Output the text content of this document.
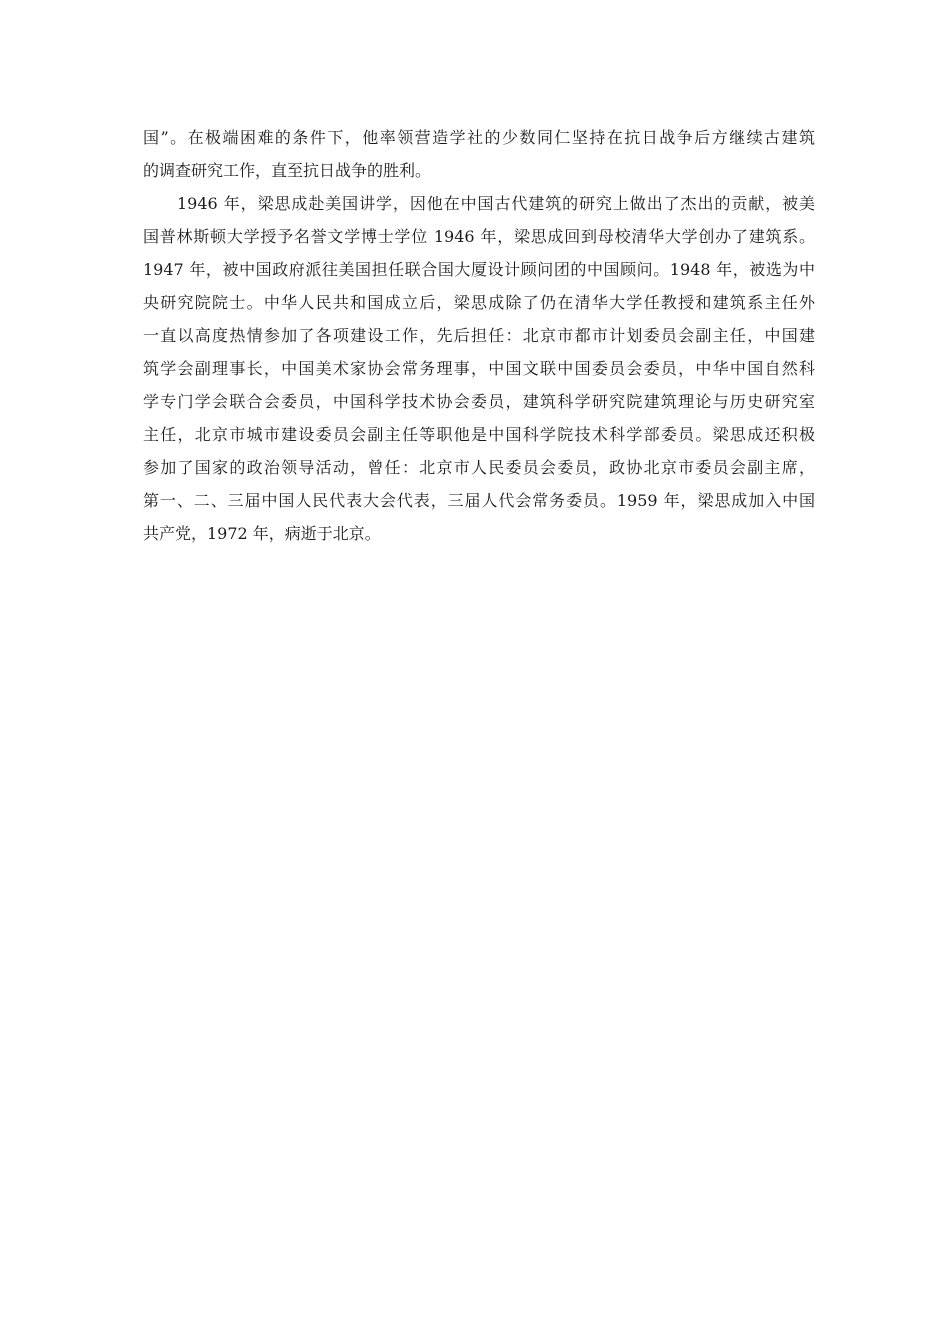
国”。在极端困难的条件下，他率领营造学社的少数同仁坚持在抗日战争后方继续古建筑
的调查研究工作，直至抗日战争的胜利。
1946 年，梁思成赴美国讲学，因他在中国古代建筑的研究上做出了杰出的贡献，被美
国普林斯顿大学授予名誉文学博士学位 1946 年，梁思成回到母校清华大学创办了建筑系。
1947 年，被中国政府派往美国担任联合国大厦设计顾问团的中国顾问。1948 年，被选为中
央研究院院士。中华人民共和国成立后，梁思成除了仍在清华大学任教授和建筑系主任外
一直以高度热情参加了各项建设工作，先后担任：北京市都市计划委员会副主任，中国建
筑学会副理事长，中国美术家协会常务理事，中国文联中国委员会委员，中华中国自然科
学专门学会联合会委员，中国科学技术协会委员，建筑科学研究院建筑理论与历史研究室
主任，北京市城市建设委员会副主任等职他是中国科学院技术科学部委员。梁思成还积极
参加了国家的政治领导活动，曾任：北京市人民委员会委员，政协北京市委员会副主席，
第一、二、三届中国人民代表大会代表，三届人代会常务委员。1959 年，梁思成加入中国
共产党，1972 年，病逝于北京。
